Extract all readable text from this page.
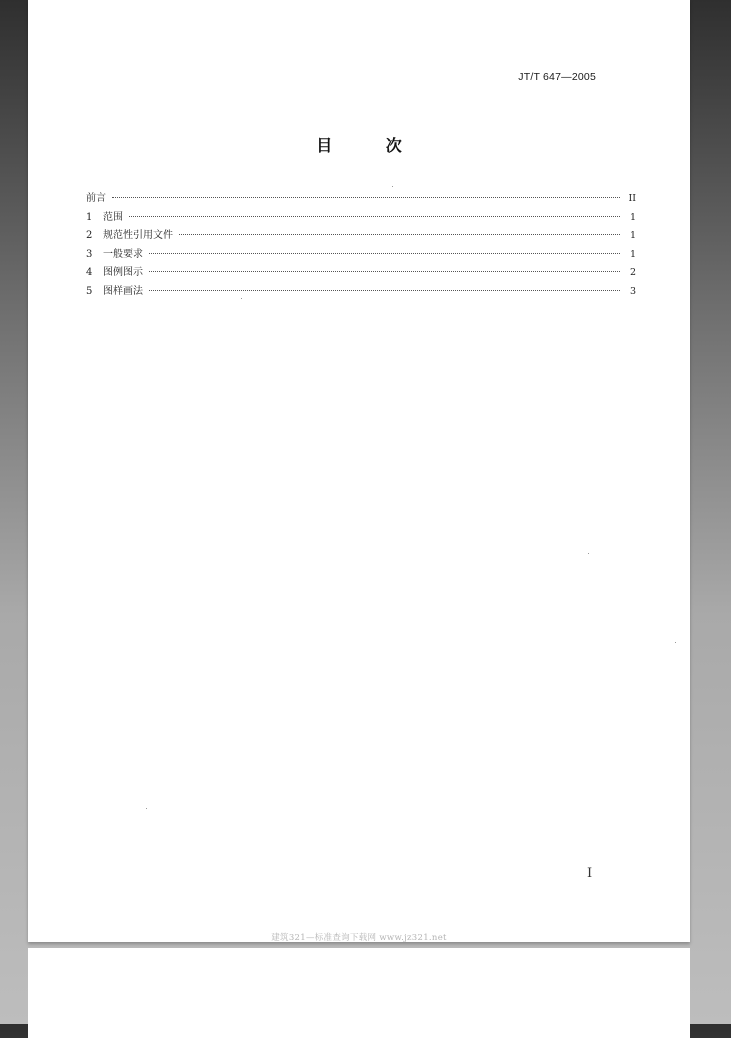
JT/T 647—2005
目 次
前言	II
1	范围	1
2	规范性引用文件	1
3	一般要求	1
4	图例图示	2
5	图样画法	3
I
建筑321—标准查询下载网 www.jz321.net
